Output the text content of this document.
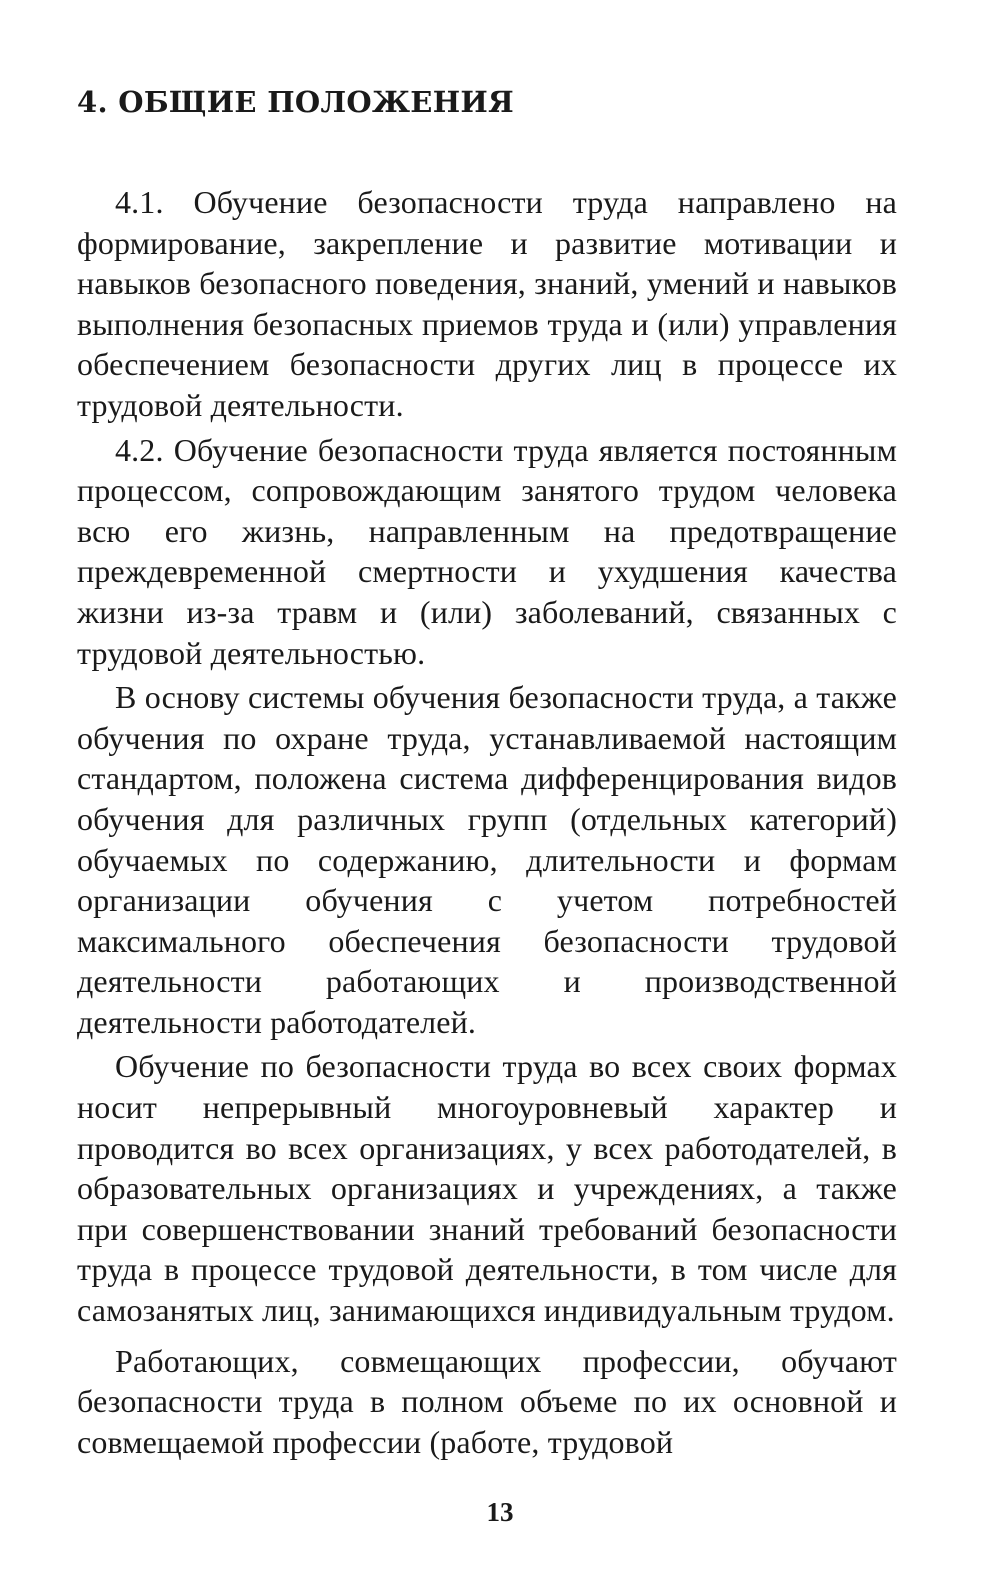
4. ОБЩИЕ ПОЛОЖЕНИЯ

4.1. Обучение безопасности труда направлено на формирование, закрепление и развитие мотивации и навыков безопасного поведения, знаний, умений и навыков выполнения безопасных приемов труда и (или) управления обеспечением безопасности других лиц в процессе их трудовой деятельности.

4.2. Обучение безопасности труда является постоянным процессом, сопровождающим занятого трудом человека всю его жизнь, направленным на предотвращение преждевременной смертности и ухудшения качества жизни из-за травм и (или) заболеваний, связанных с трудовой деятельностью.

В основу системы обучения безопасности труда, а также обучения по охране труда, устанавливаемой настоящим стандартом, положена система дифференцирования видов обучения для различных групп (отдельных категорий) обучаемых по содержанию, длительности и формам организации обучения с учетом потребностей максимального обеспечения безопасности трудовой деятельности работающих и производственной деятельности работодателей.

Обучение по безопасности труда во всех своих формах носит непрерывный многоуровневый характер и проводится во всех организациях, у всех работодателей, в образовательных организациях и учреждениях, а также при совершенствовании знаний требований безопасности труда в процессе трудовой деятельности, в том числе для самозанятых лиц, занимающихся индивидуальным трудом.

Работающих, совмещающих профессии, обучают безопасности труда в полном объеме по их основной и совмещаемой профессии (работе, трудовой

13
